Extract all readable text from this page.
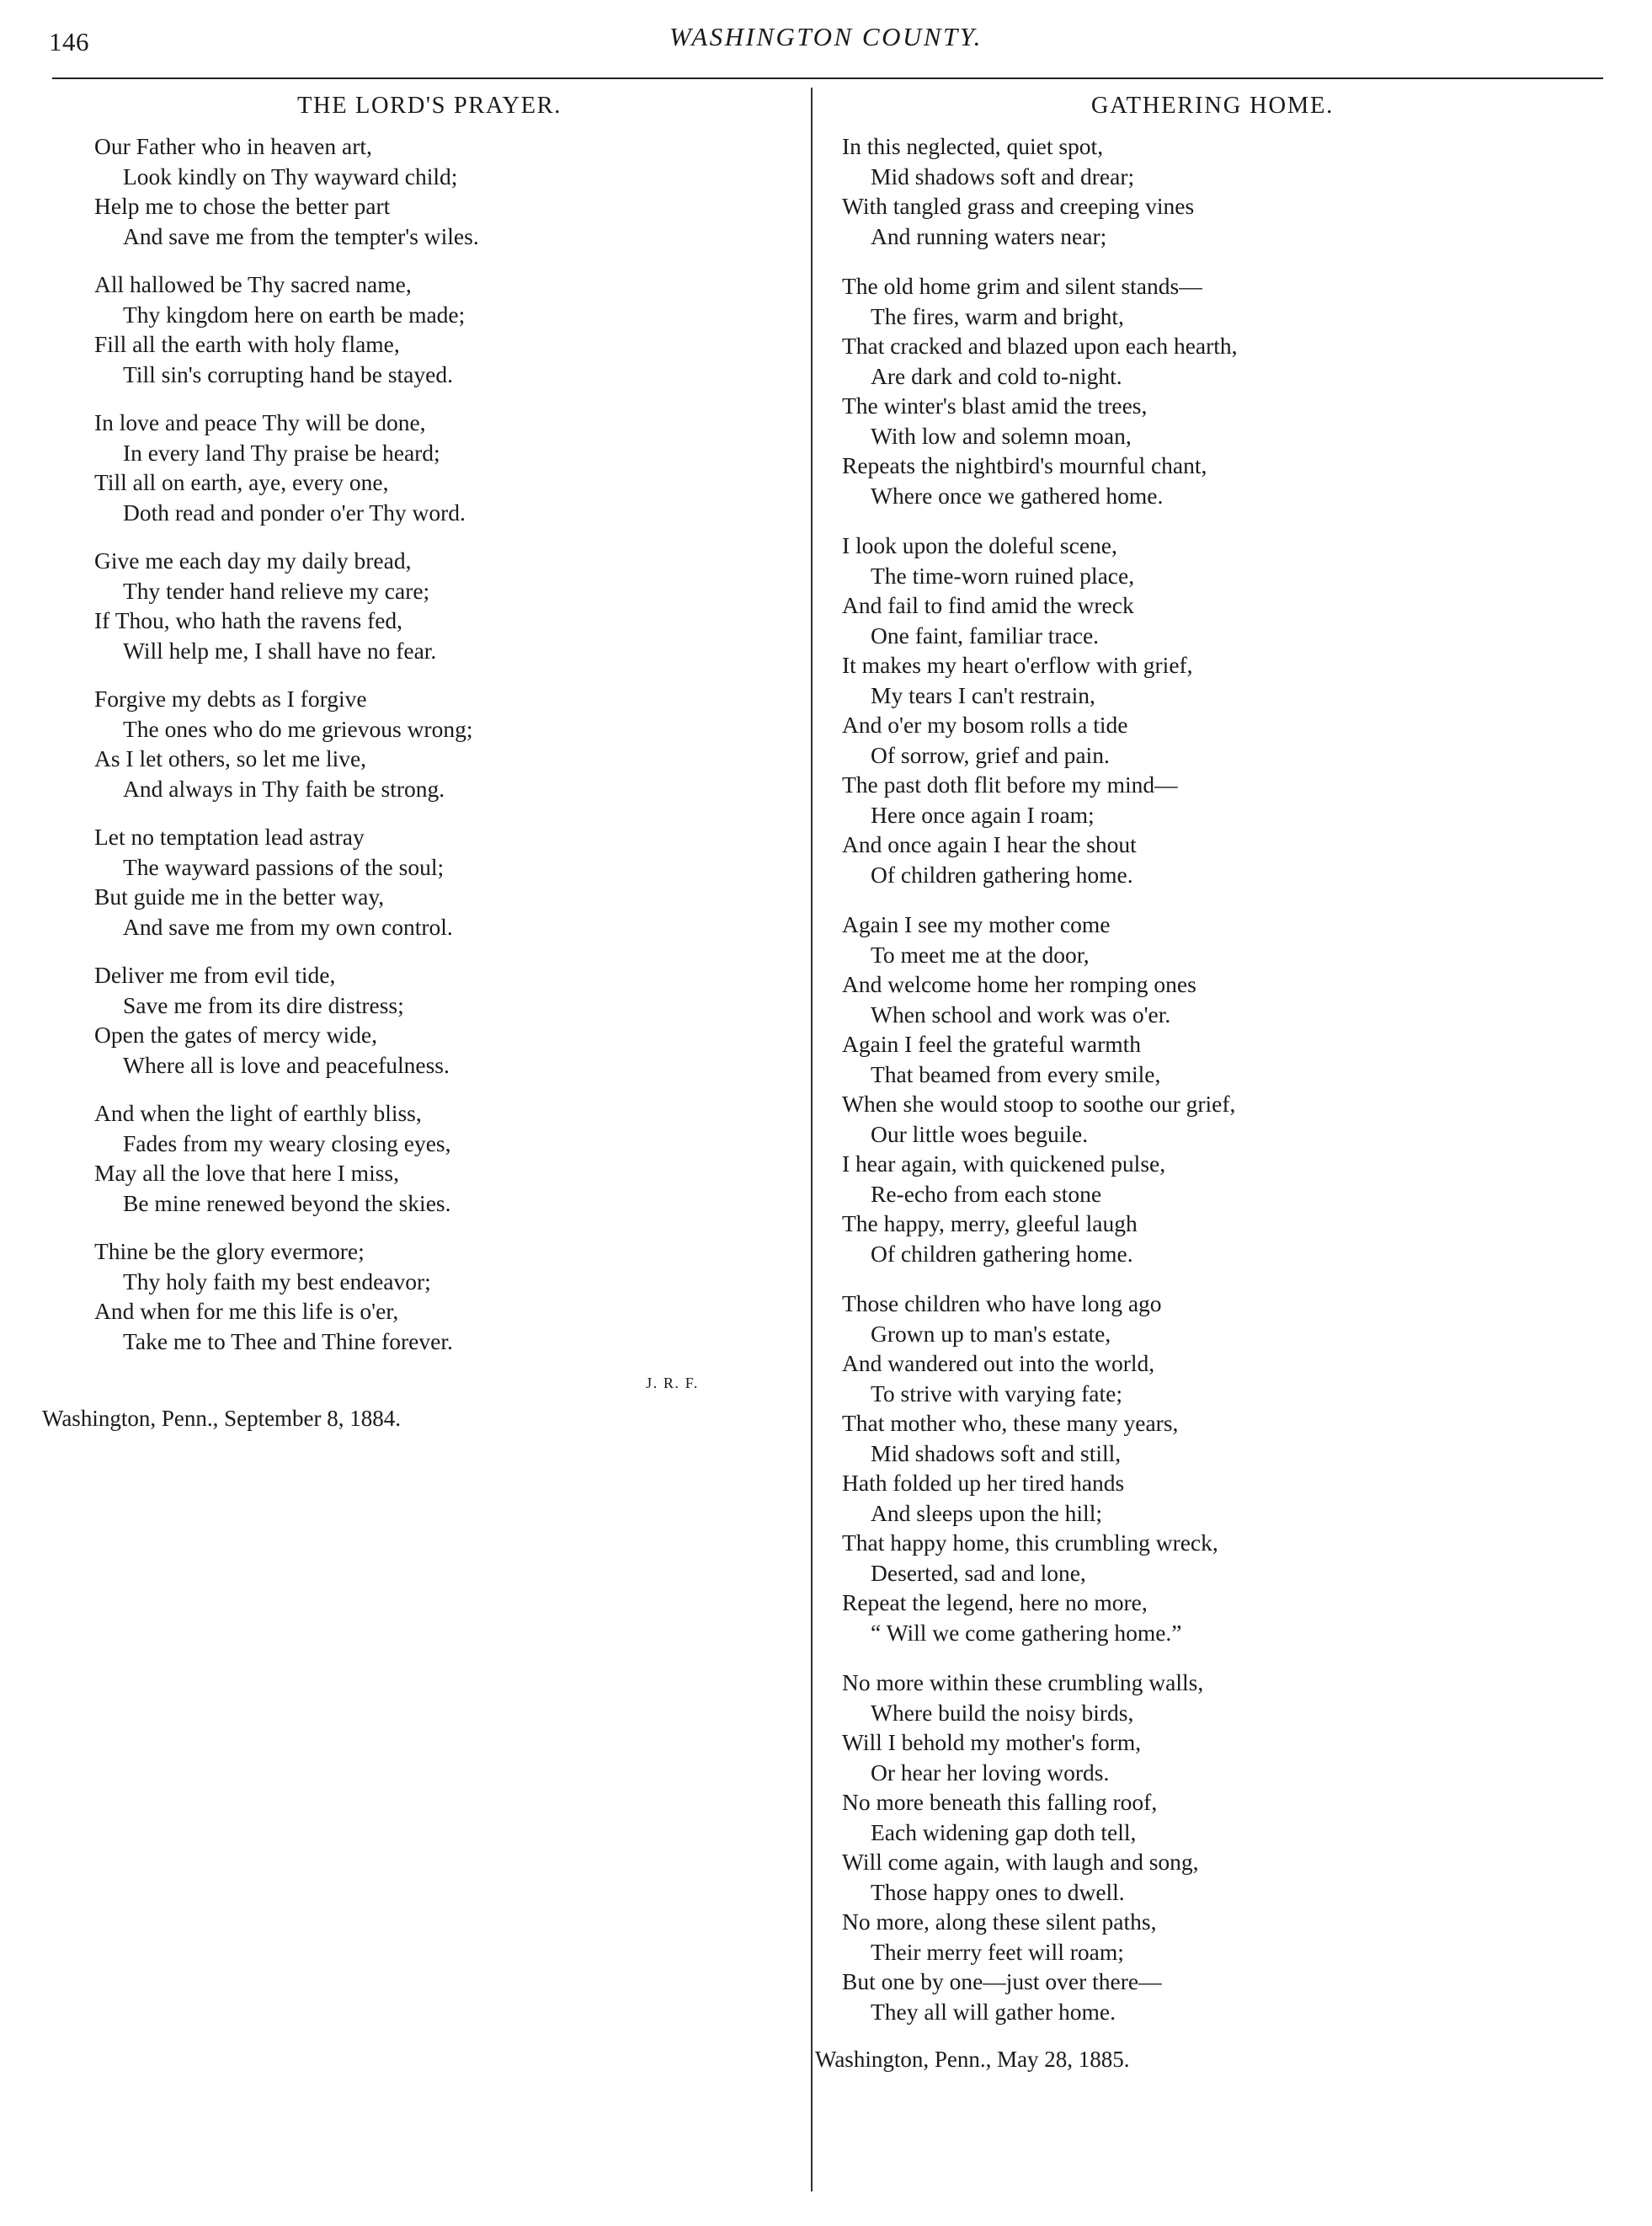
146	WASHINGTON COUNTY.
THE LORD'S PRAYER.
Our Father who in heaven art,
Look kindly on Thy wayward child;
Help me to chose the better part
And save me from the tempter's wiles.
All hallowed be Thy sacred name,
Thy kingdom here on earth be made;
Fill all the earth with holy flame,
Till sin's corrupting hand be stayed.
In love and peace Thy will be done,
In every land Thy praise be heard;
Till all on earth, aye, every one,
Doth read and ponder o'er Thy word.
Give me each day my daily bread,
Thy tender hand relieve my care;
If Thou, who hath the ravens fed,
Will help me, I shall have no fear.
Forgive my debts as I forgive
The ones who do me grievous wrong;
As I let others, so let me live,
And always in Thy faith be strong.
Let no temptation lead astray
The wayward passions of the soul;
But guide me in the better way,
And save me from my own control.
Deliver me from evil tide,
Save me from its dire distress;
Open the gates of mercy wide,
Where all is love and peacefulness.
And when the light of earthly bliss,
Fades from my weary closing eyes,
May all the love that here I miss,
Be mine renewed beyond the skies.
Thine be the glory evermore;
Thy holy faith my best endeavor;
And when for me this life is o'er,
Take me to Thee and Thine forever.
J. R. F.
Washington, Penn., September 8, 1884.
GATHERING HOME.
In this neglected, quiet spot,
Mid shadows soft and drear;
With tangled grass and creeping vines
And running waters near;
The old home grim and silent stands—
The fires, warm and bright,
That cracked and blazed upon each hearth,
Are dark and cold to-night.
The winter's blast amid the trees,
With low and solemn moan,
Repeats the nightbird's mournful chant,
Where once we gathered home.
I look upon the doleful scene,
The time-worn ruined place,
And fail to find amid the wreck
One faint, familiar trace.
It makes my heart o'erflow with grief,
My tears I can't restrain,
And o'er my bosom rolls a tide
Of sorrow, grief and pain.
The past doth flit before my mind—
Here once again I roam;
And once again I hear the shout
Of children gathering home.
Again I see my mother come
To meet me at the door,
And welcome home her romping ones
When school and work was o'er.
Again I feel the grateful warmth
That beamed from every smile,
When she would stoop to soothe our grief,
Our little woes beguile.
I hear again, with quickened pulse,
Re-echo from each stone
The happy, merry, gleeful laugh
Of children gathering home.
Those children who have long ago
Grown up to man's estate,
And wandered out into the world,
To strive with varying fate;
That mother who, these many years,
Mid shadows soft and still,
Hath folded up her tired hands
And sleeps upon the hill;
That happy home, this crumbling wreck,
Deserted, sad and lone,
Repeat the legend, here no more,
“ Will we come gathering home.”
No more within these crumbling walls,
Where build the noisy birds,
Will I behold my mother's form,
Or hear her loving words.
No more beneath this falling roof,
Each widening gap doth tell,
Will come again, with laugh and song,
Those happy ones to dwell.
No more, along these silent paths,
Their merry feet will roam;
But one by one—just over there—
They all will gather home.
Washington, Penn., May 28, 1885.
